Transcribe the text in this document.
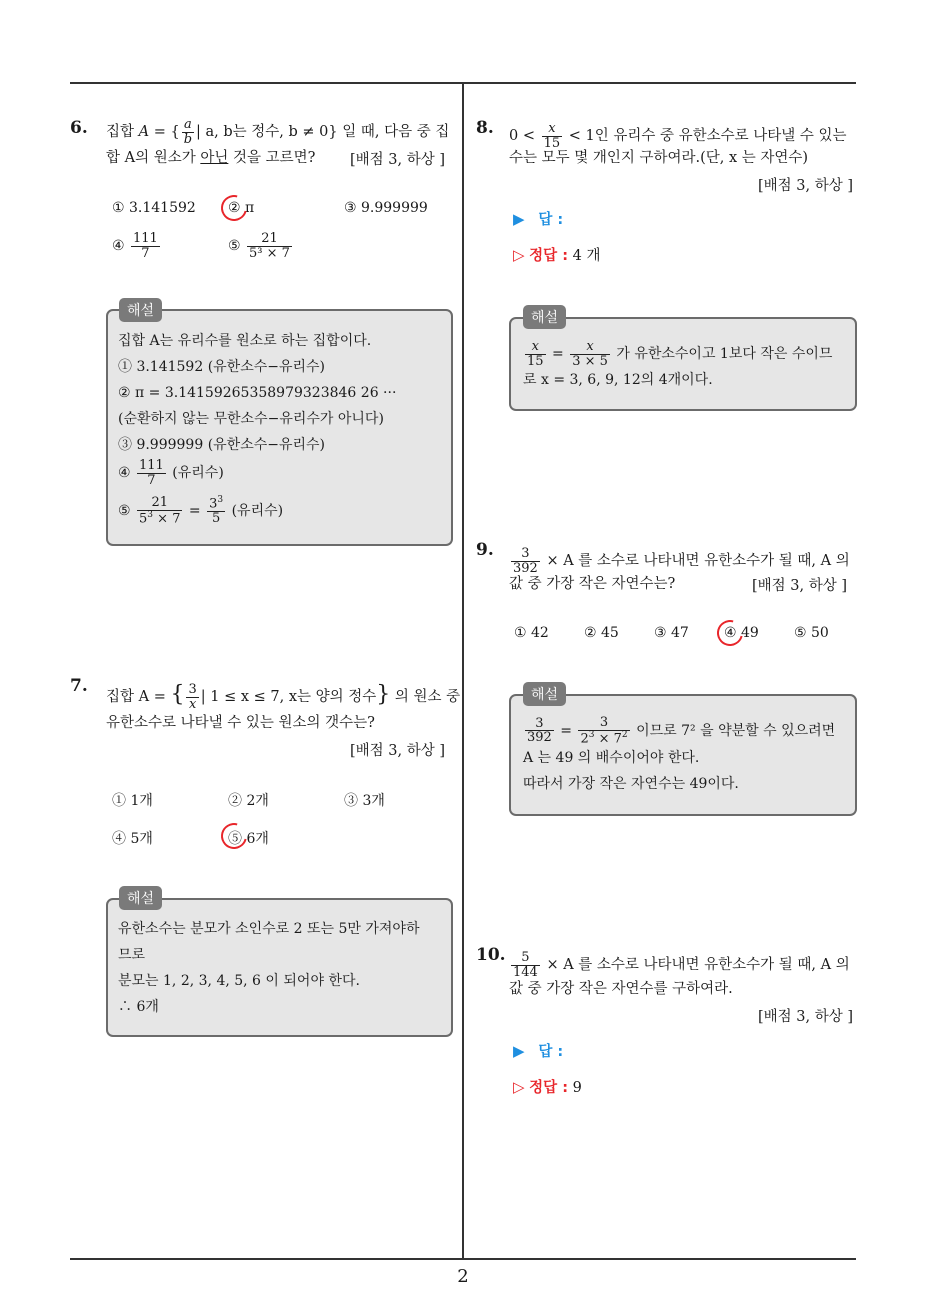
2
6. 집합 A = { $\frac{a}{b}$ | a, b는 정수, b ≠ 0} 일 때, 다음 중 집
합 A의 원소가 아닌 것을 고르면? [배점 3, 하상 ]
① 3.141592 ② π	③ 9.999999
④ $\frac{111}{7}$	⑤ $\frac{21}{\text{5³ × 7}}$
해설
집합 A는 유리수를 원소로 하는 집합이다.
① 3.141592 (유한소수−유리수)
② π = 3.14159265358979323846 26 ···
(순환하지 않는 무한소수−유리수가 아니다)
③ 9.999999 (유한소수−유리수)
④ $\frac{111}{7}$ (유리수)
⑤ $\frac{21}{5^3 \times 7} = \frac{3^3}{5}$ (유리수)
7.
집합 A = { $\frac{3}{x}$ | 1 ≤ x ≤ 7, x는 양의 정수} 의 원소 중
유한소수로 나타낼 수 있는 원소의 갯수는?
[배점 3, 하상 ]
① 1개	② 2개	③ 3개
④ 5개	⑤ 6개
해설
유한소수는 분모가 소인수로 2 또는 5만 가져야하
므로
분모는 1, 2, 3, 4, 5, 6 이 되어야 한다.
∴ 6개
8. $0 < \frac{x}{15} < 1$인 유리수 중 유한소수로 나타낼 수 있는
수는 모두 몇 개인지 구하여라.(단, x 는 자연수)
[배점 3, 하상 ]
▶ 답 :
▷ 정답 : 4 개
해설
$\frac{x}{15} = \frac{x}{3 \times 5}$ 가 유한소수이고 1보다 작은 수이므
로 x = 3, 6, 9, 12의 4개이다.
9. $\frac{3}{392} \times A$ 를 소수로 나타내면 유한소수가 될 때, A 의
값 중 가장 작은 자연수는?	[배점 3, 하상 ]
① 42	② 45	③ 47	④ 49	⑤ 50
해설
$\frac{3}{392} = \frac{3}{2^3 \times 7^2}$ 이므로 7² 을 약분할 수 있으려면
A 는 49 의 배수이어야 한다.
따라서 가장 작은 자연수는 49이다.
10. $\frac{5}{144} \times A$ 를 소수로 나타내면 유한소수가 될 때, A 의
값 중 가장 작은 자연수를 구하여라.
[배점 3, 하상 ]
▶ 답 :
▷ 정답 : 9
